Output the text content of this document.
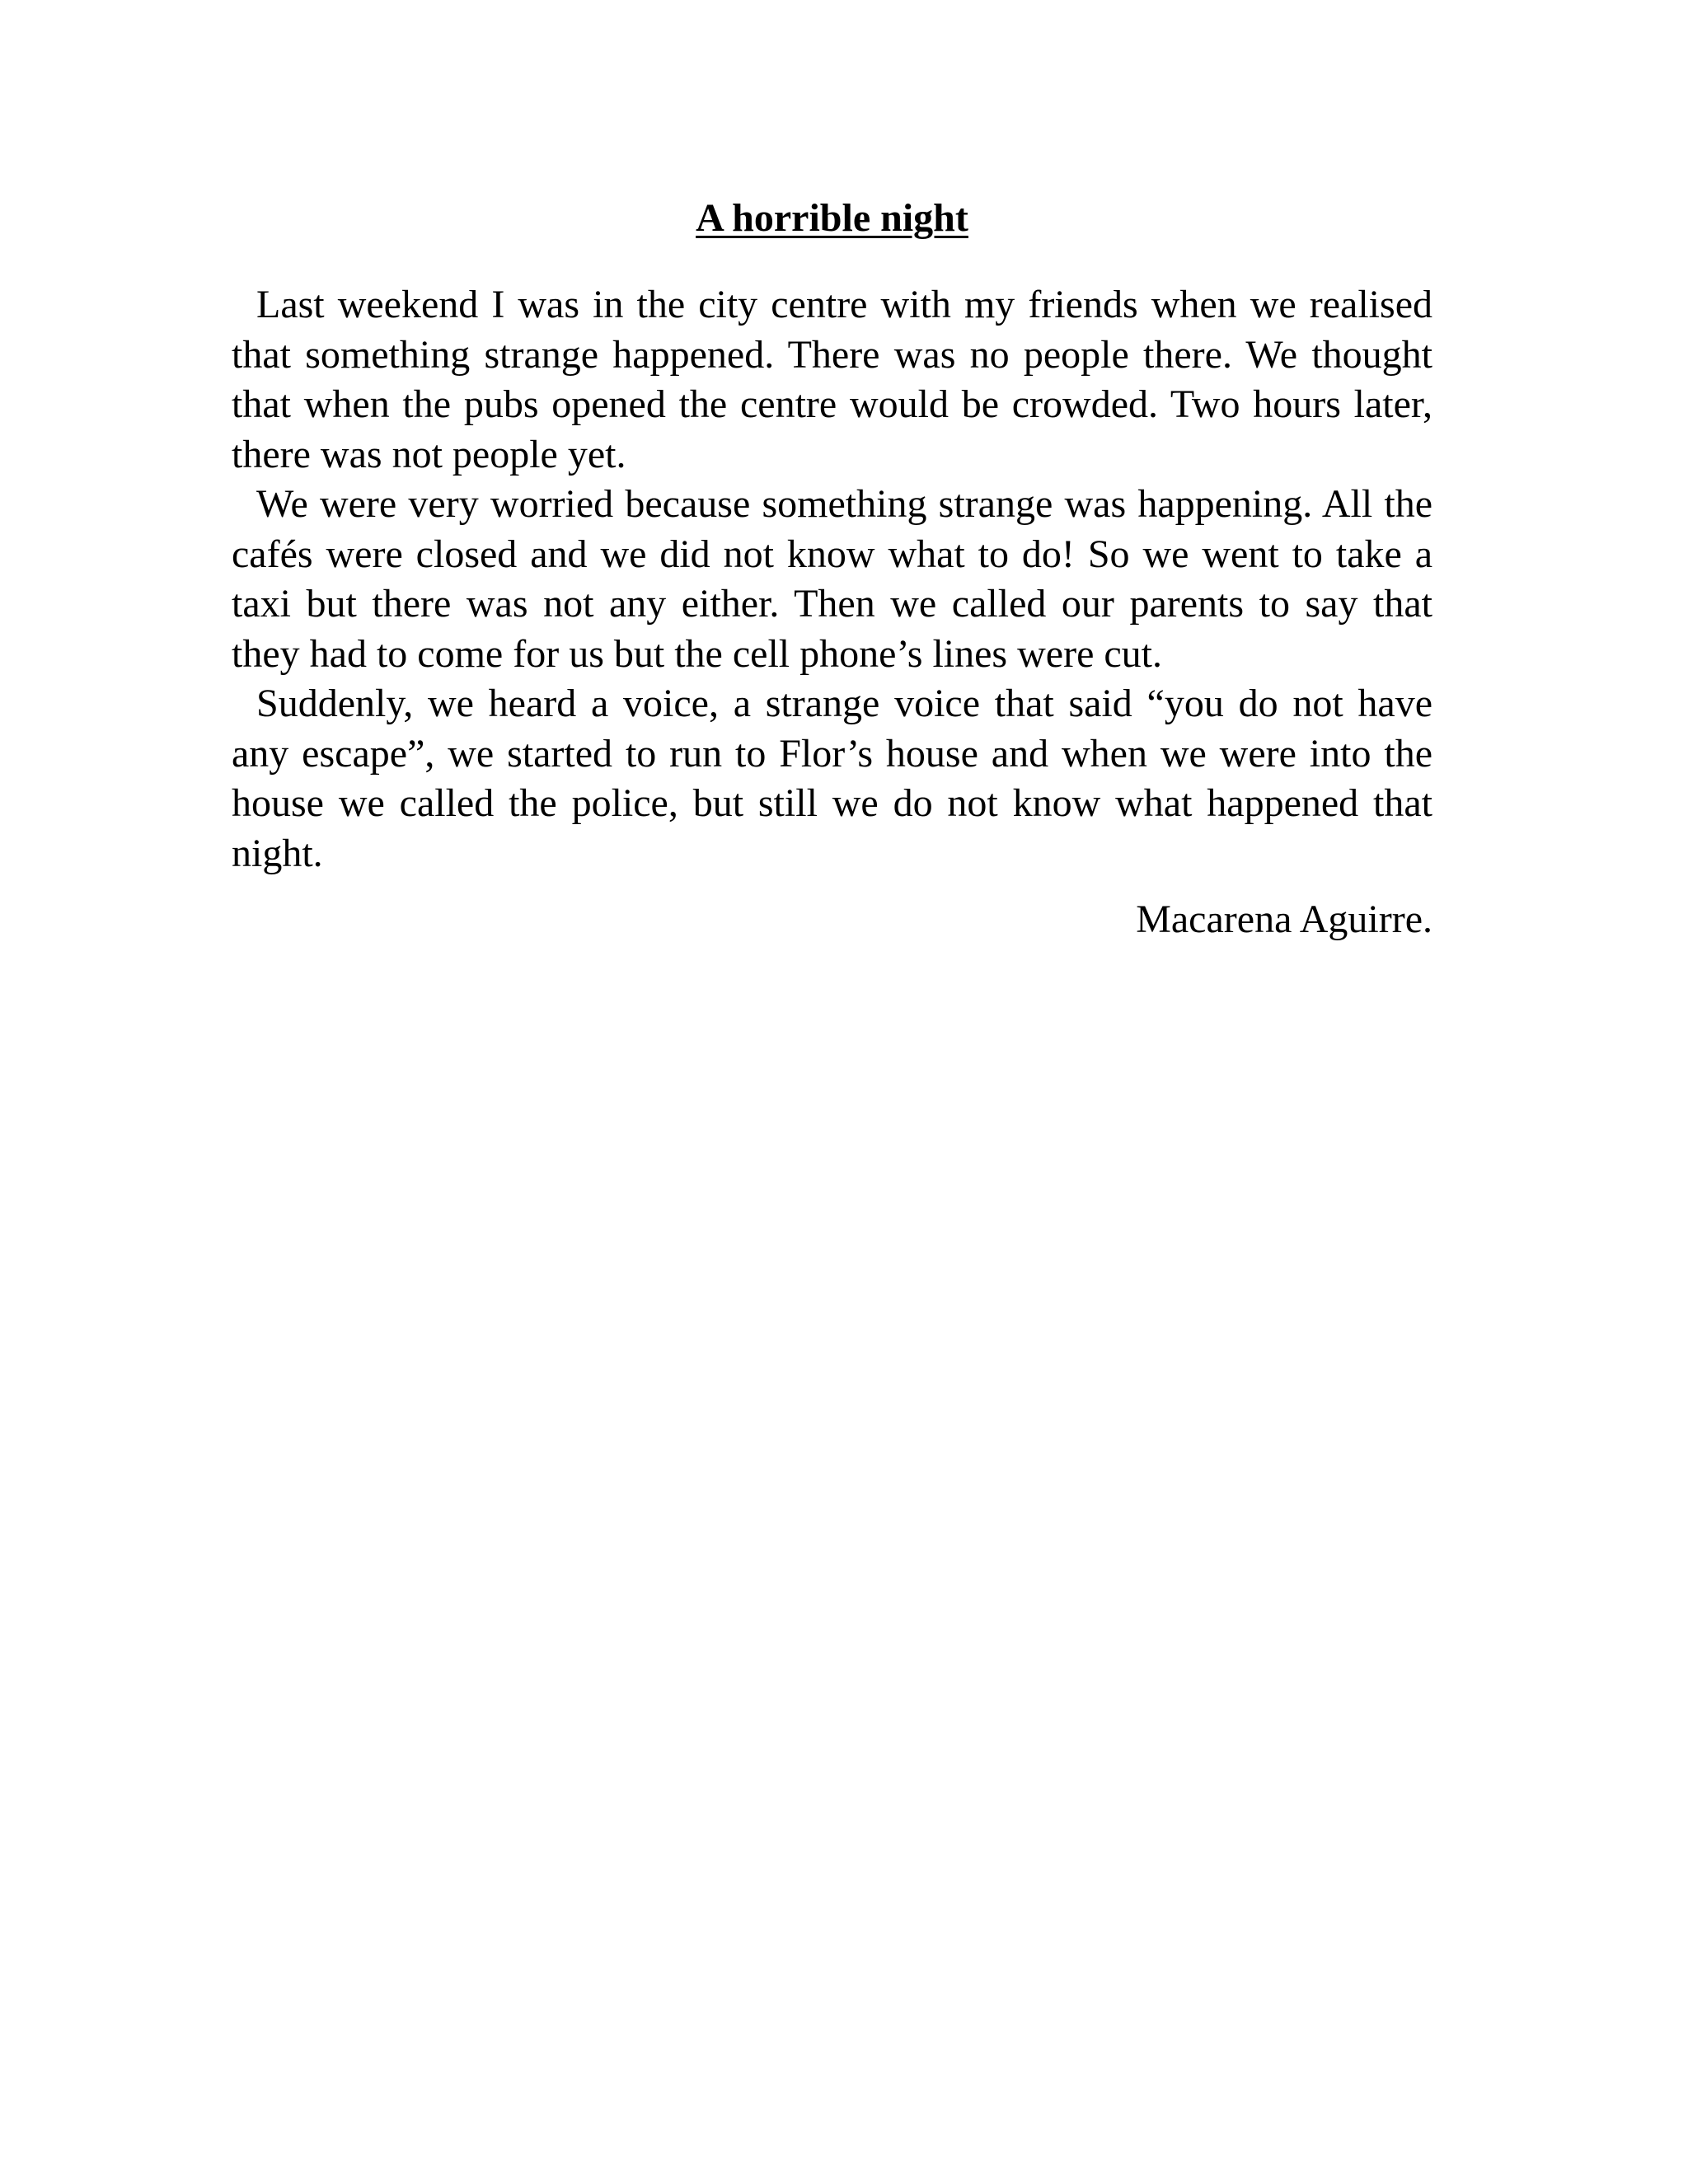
A horrible night

Last weekend I was in the city centre with my friends when we realised that something strange happened. There was no people there. We thought that when the pubs opened the centre would be crowded. Two hours later, there was not people yet.

We were very worried because something strange was happening. All the cafés were closed and we did not know what to do! So we went to take a taxi but there was not any either. Then we called our parents to say that they had to come for us but the cell phone’s lines were cut.

Suddenly, we heard a voice, a strange voice that said “you do not have any escape”, we started to run to Flor’s house and when we were into the house we called the police, but still we do not know what happened that night.

Macarena Aguirre.
